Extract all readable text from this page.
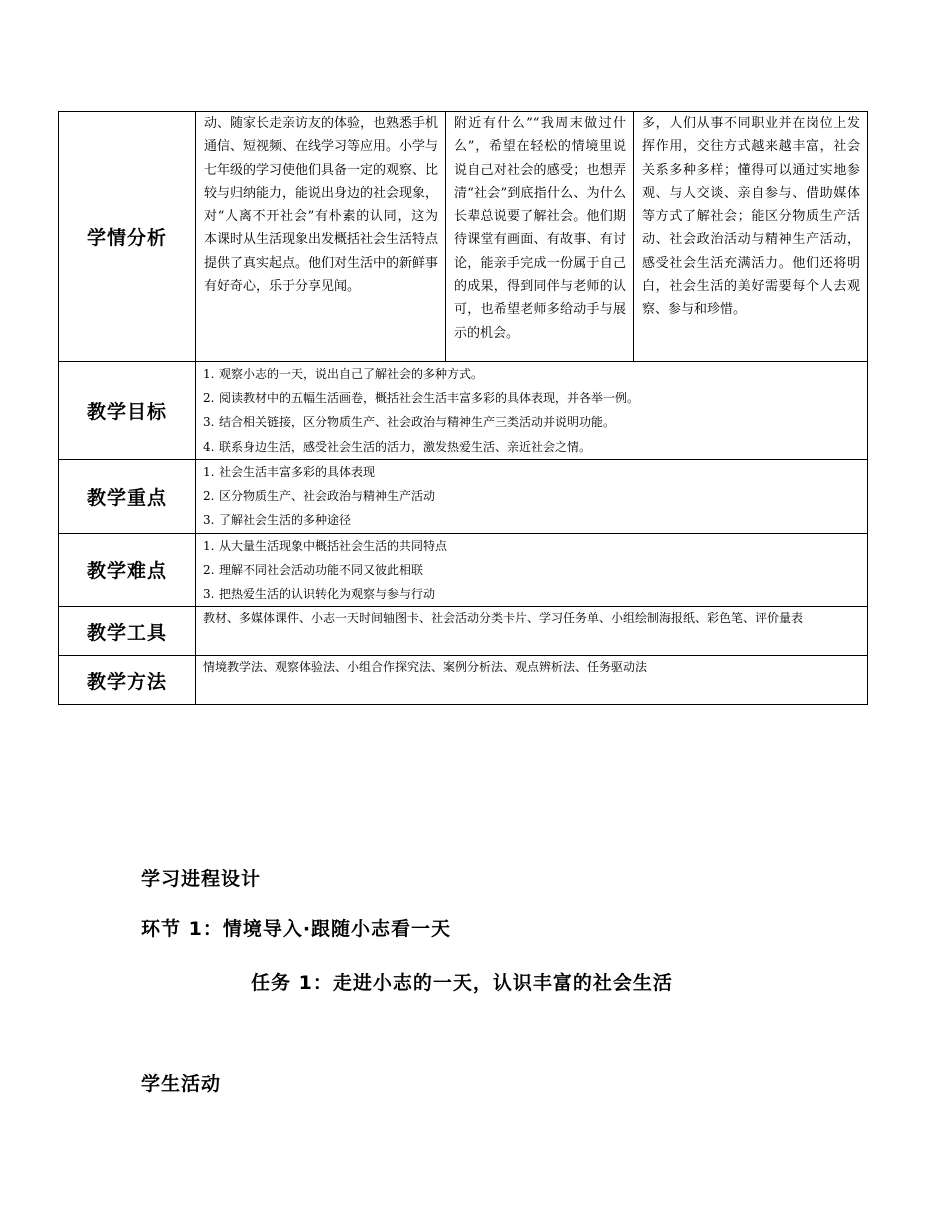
学情分析	动、随家长走亲访友的体验，也熟悉手机通信、短视频、在线学习等应用。小学与七年级的学习使他们具备一定的观察、比较与归纳能力，能说出身边的社会现象，对“人离不开社会”有朴素的认同，这为本课时从生活现象出发概括社会生活特点提供了真实起点。他们对生活中的新鲜事有好奇心，乐于分享见闻。	附近有什么”“我周末做过什么”，希望在轻松的情境里说说自己对社会的感受；也想弄清“社会”到底指什么、为什么长辈总说要了解社会。他们期待课堂有画面、有故事、有讨论，能亲手完成一份属于自己的成果，得到同伴与老师的认可，也希望老师多给动手与展示的机会。	多，人们从事不同职业并在岗位上发挥作用，交往方式越来越丰富，社会关系多种多样；懂得可以通过实地参观、与人交谈、亲自参与、借助媒体等方式了解社会；能区分物质生产活动、社会政治活动与精神生产活动，感受社会生活充满活力。他们还将明白，社会生活的美好需要每个人去观察、参与和珍惜。

教学目标	1. 观察小志的一天，说出自己了解社会的多种方式。
2. 阅读教材中的五幅生活画卷，概括社会生活丰富多彩的具体表现，并各举一例。
3. 结合相关链接，区分物质生产、社会政治与精神生产三类活动并说明功能。
4. 联系身边生活，感受社会生活的活力，激发热爱生活、亲近社会之情。		

教学重点	1. 社会生活丰富多彩的具体表现
2. 区分物质生产、社会政治与精神生产活动
3. 了解社会生活的多种途径		

教学难点	1. 从大量生活现象中概括社会生活的共同特点
2. 理解不同社会活动功能不同又彼此相联
3. 把热爱生活的认识转化为观察与参与行动		

教学工具	教材、多媒体课件、小志一天时间轴图卡、社会活动分类卡片、学习任务单、小组绘制海报纸、彩色笔、评价量表		

教学方法	情境教学法、观察体验法、小组合作探究法、案例分析法、观点辨析法、任务驱动法		
学习进程设计
环节 1：情境导入·跟随小志看一天
任务 1：走进小志的一天，认识丰富的社会生活
学生活动
